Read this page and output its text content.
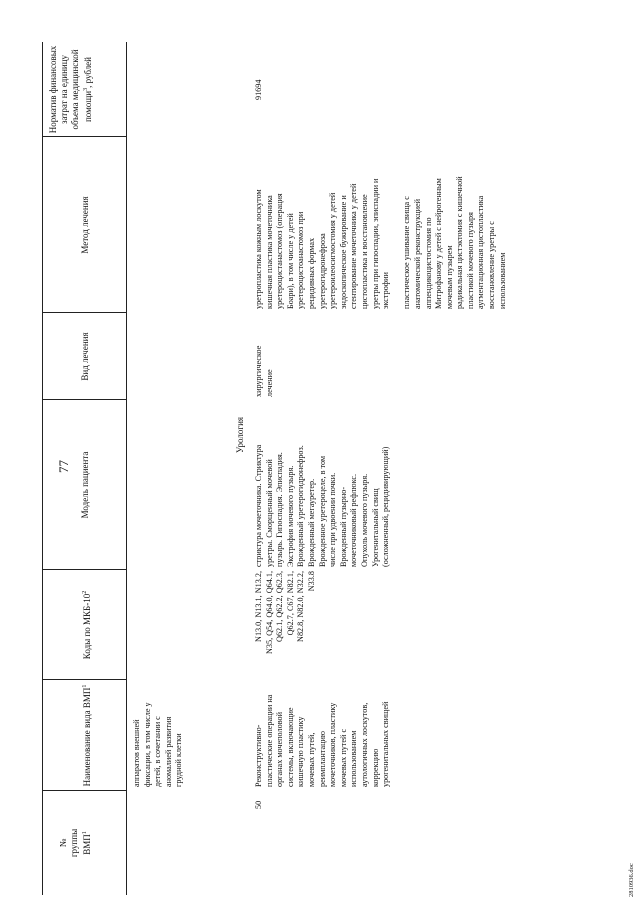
77
№
группы
ВМП$^1$
Наименование вида ВМП$^1$
Коды по МКБ-$10^2$
Модель пациента
Вид лечения
Метод лечения
Норматив финансовых затрат на единицу объема медицинской помощи$^3$, рублей
аппаратов внешней
фиксации, в том числе у
детей, в сочетании с
аномалией развития
грудной клетки
Урология
50
Реконструктивно-
пластические операции на
органах мочеполовой
системы, включающие
кишечную пластику
мочевых путей,
реимплантацию
мочеточников, пластику
мочевых путей с
использованием
аутологичных лоскутов,
коррекцию
урогенитальных свищей
N13.0, N13.1, N13.2,
N35, Q54, Q64.0, Q64.1,
Q62.1, Q62.2, Q62.3,
Q62.7, C67, N82.1,
N82.8, N82.0, N32.2,
N33.8
стриктура мочеточника. Стриктура
уретры. Сморщенный мочевой
пузырь. Гипоспадия. Эписпадия.
Экстрофия мочевого пузыря.
Врожденный уретерогидронефроз.
Врожденный мегауретер.
Врожденное уретероцеле, в том
числе при удвоении почки.
Врожденный пузырно-
мочеточниковый рефлюкс.
Опухоль мочевого пузыря.
Урогенитальный свищ
(осложненный, рецидивирующий)
хирургическое
лечение
уретропластика кожным лоскутом
кишечная пластика мочеточника
уретероцистанастомоз (операция
Боари), в том числе у детей
уретероцистоанастомоз при
рецидивных формах
уретерогидронефроза
уретероилеосигмостомия у детей
эндоскопическое бужирование и
стентирование мочеточника у детей
цистопластика и восстановление
уретры при гипоспадии, эписпадии и
экстрофии

пластическое ушивание свища с
анатомической реконструкцией
аппендикоцистостомия по
Митрофанову у детей с нейрогенным
мочевым пузырем
радикальная цистэктомия с кишечной
пластикой мочевого пузыря
аугментационная цистопластика
восстановление уретры с
использованием
91694
2810936.doc
